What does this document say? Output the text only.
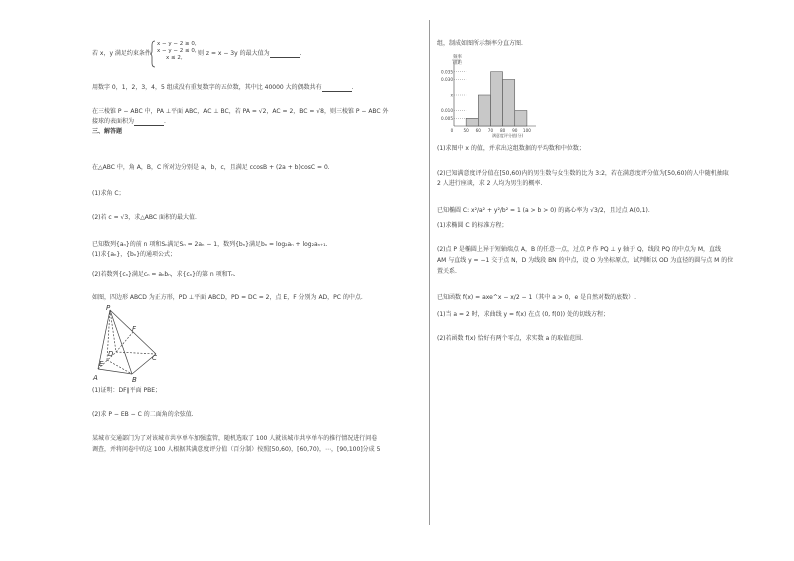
若 x，y 满足约束条件
x − y − 2 ≥ 0,
x − y − 2 ≤ 0,
x ≤ 2,
则 z = x − 3y 的最大值为	.
用数字 0，1，2，3，4，5 组成没有重复数字的五位数，其中比 40000 大的偶数共有	.
在三棱锥 P − ABC 中，PA ⊥平面 ABC，AC ⊥ BC，若 PA = √2，AC = 2，BC = √8，则三棱锥 P − ABC 外
接球的表面积为	.
三、解答题
在△ABC 中，角 A，B，C 所对边分别是 a，b，c，且满足 ccosB + (2a + b)cosC = 0.
(1)求角 C；
(2)若 c = √3，求△ABC 面积的最大值.
已知数列{aₙ}的前 n 项和Sₙ满足Sₙ = 2aₙ − 1，数列{bₙ}满足bₙ = log₂aₙ + log₂aₙ₊₁.
(1)求{aₙ}，{bₙ}的通项公式；
(2)若数列{cₙ}满足cₙ = aₙbₙ，求{cₙ}的第 n 项和Tₙ.
如图，四边形 ABCD 为正方形，PD ⊥平面 ABCD，PD = DC = 2，点 E，F 分别为 AD，PC 的中点.
P
F
D	C
E
A	B
(1)证明：DF∥平面 PBE；
(2)求 P − EB − C 的二面角的余弦值.
某城市交通部门为了对该城市共享单车加强监管，随机选取了 100 人就该城市共享单车的推行情况进行问卷
调查，并将问卷中的这 100 人根据其满意度评分值（百分制）按照[50,60)，[60,70)，⋯，[90,100]分成 5
组，制成如图所示频率分直方图.
频率
组距
0.005
0.010
x
0.030
0.035
0 50 60 70 80 90 100
满意度评分值(分)
(1)求图中 x 的值，并求出这组数据的平均数和中位数；
(2)已知满意度评分值在[50,60)内的男生数与女生数的比为 3:2，若在满意度评分值为[50,60)的人中随机抽取
2 人进行座谈，求 2 人均为男生的概率.
已知椭圆 C: x²/a² + y²/b² = 1 (a > b > 0) 的离心率为 √3/2，且过点 A(0,1).
(1)求椭圆 C 的标准方程；
(2)点 P 是椭圆上异于短轴端点 A，B 的任意一点，过点 P 作 PQ ⊥ y 轴于 Q，线段 PQ 的中点为 M，直线
AM 与直线 y = −1 交于点 N，D 为线段 BN 的中点，设 O 为坐标原点，试判断以 OD 为直径的圆与点 M 的位
置关系.
已知函数 f(x) = axe^x − x/2 − 1（其中 a > 0，e 是自然对数的底数）.
(1)当 a = 2 时，求曲线 y = f(x) 在点 (0, f(0)) 处的切线方程；
(2)若函数 f(x) 恰好有两个零点，求实数 a 的取值范围.
